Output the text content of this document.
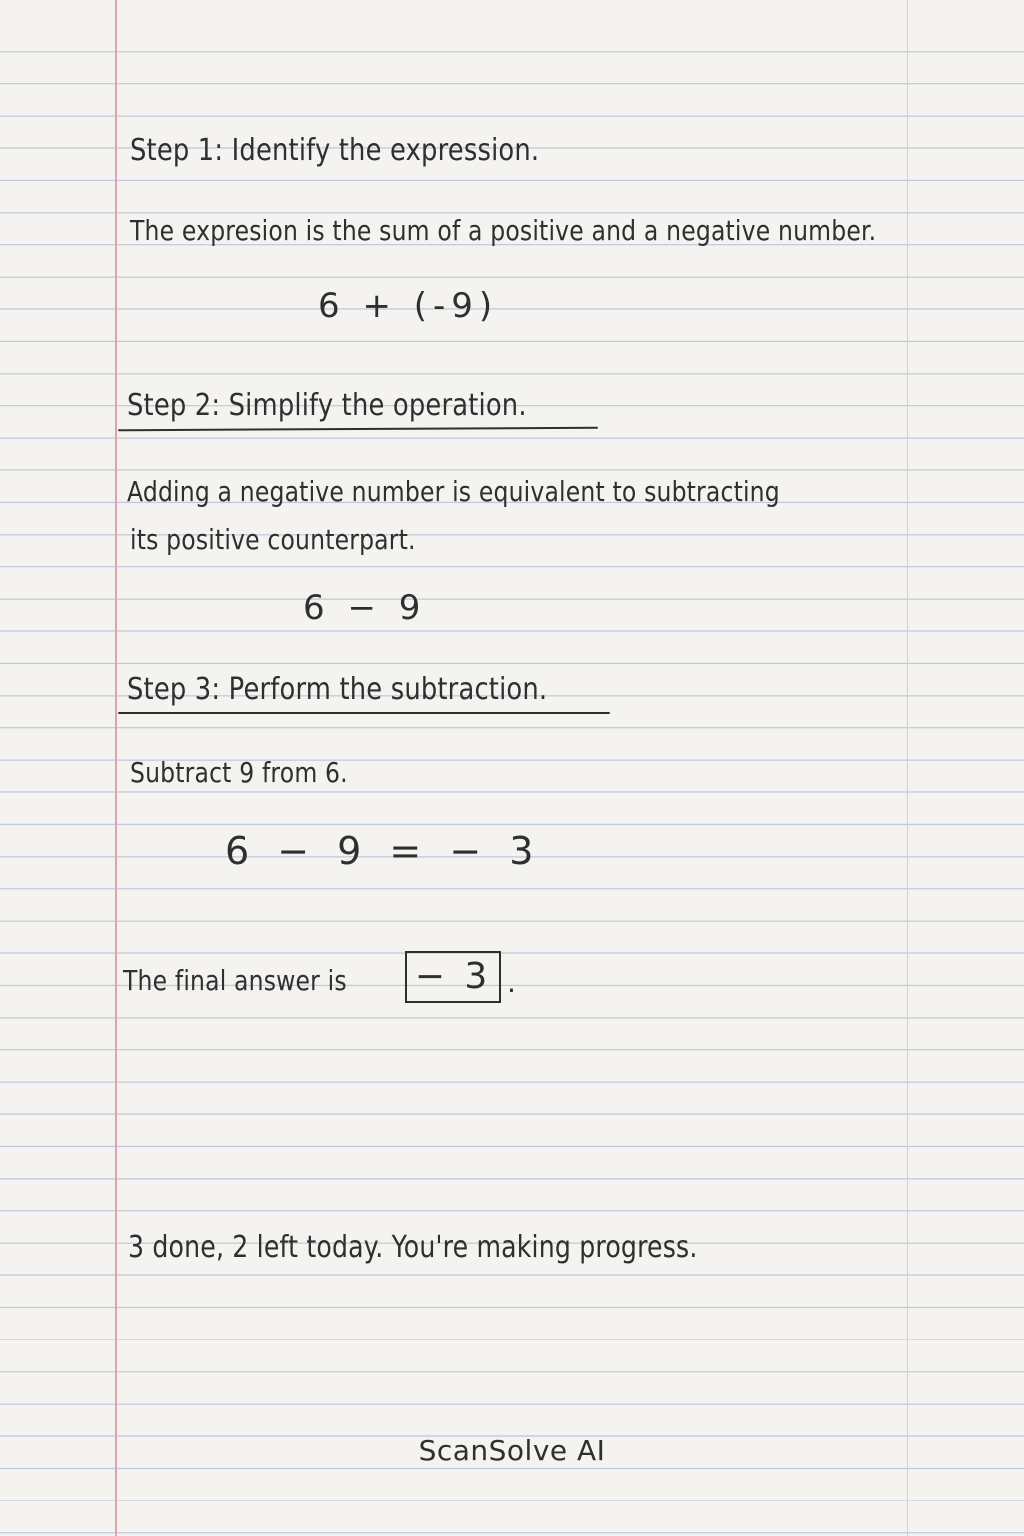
Step 1: Identify the expression.
The expresion is the sum of a positive and a negative number.
6 + (-9)
Step 2: Simplify the operation.
Adding a negative number is equivalent to subtracting
its positive counterpart.
6 − 9
Step 3: Perform the subtraction.
Subtract 9 from 6.
6 − 9 = − 3
The final answer is − 3 .
3 done, 2 left today. You're making progress.
ScanSolve AI
